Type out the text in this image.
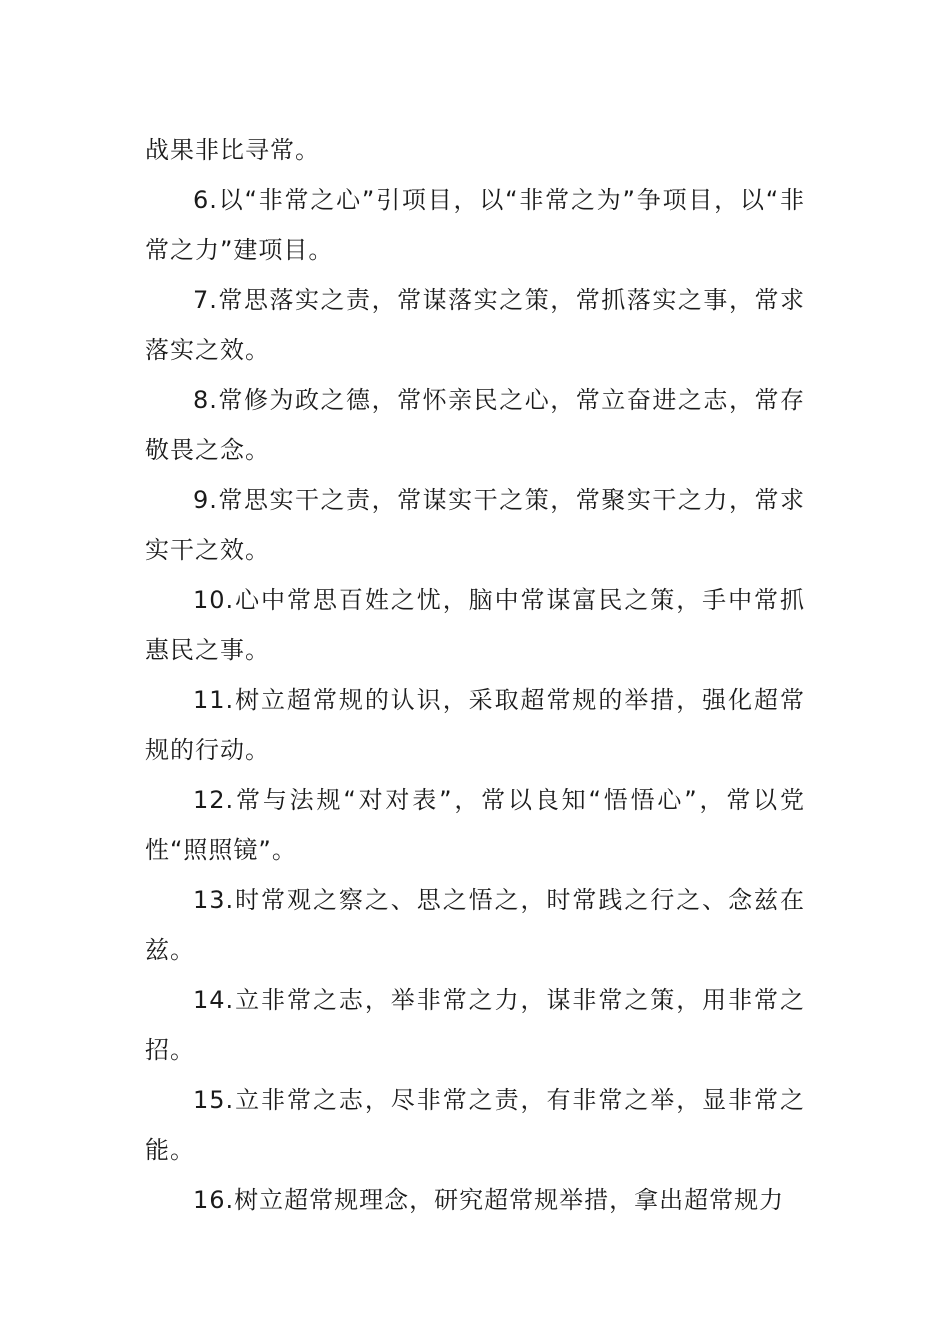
战果非比寻常。

6.以“非常之心”引项目，以“非常之为”争项目，以“非常之力”建项目。

7.常思落实之责，常谋落实之策，常抓落实之事，常求落实之效。

8.常修为政之德，常怀亲民之心，常立奋进之志，常存敬畏之念。

9.常思实干之责，常谋实干之策，常聚实干之力，常求实干之效。

10.心中常思百姓之忧，脑中常谋富民之策，手中常抓惠民之事。

11.树立超常规的认识，采取超常规的举措，强化超常规的行动。

12.常与法规“对对表”，常以良知“悟悟心”，常以党性“照照镜”。

13.时常观之察之、思之悟之，时常践之行之、念兹在兹。

14.立非常之志，举非常之力，谋非常之策，用非常之招。

15.立非常之志，尽非常之责，有非常之举，显非常之能。

16.树立超常规理念，研究超常规举措，拿出超常规力
